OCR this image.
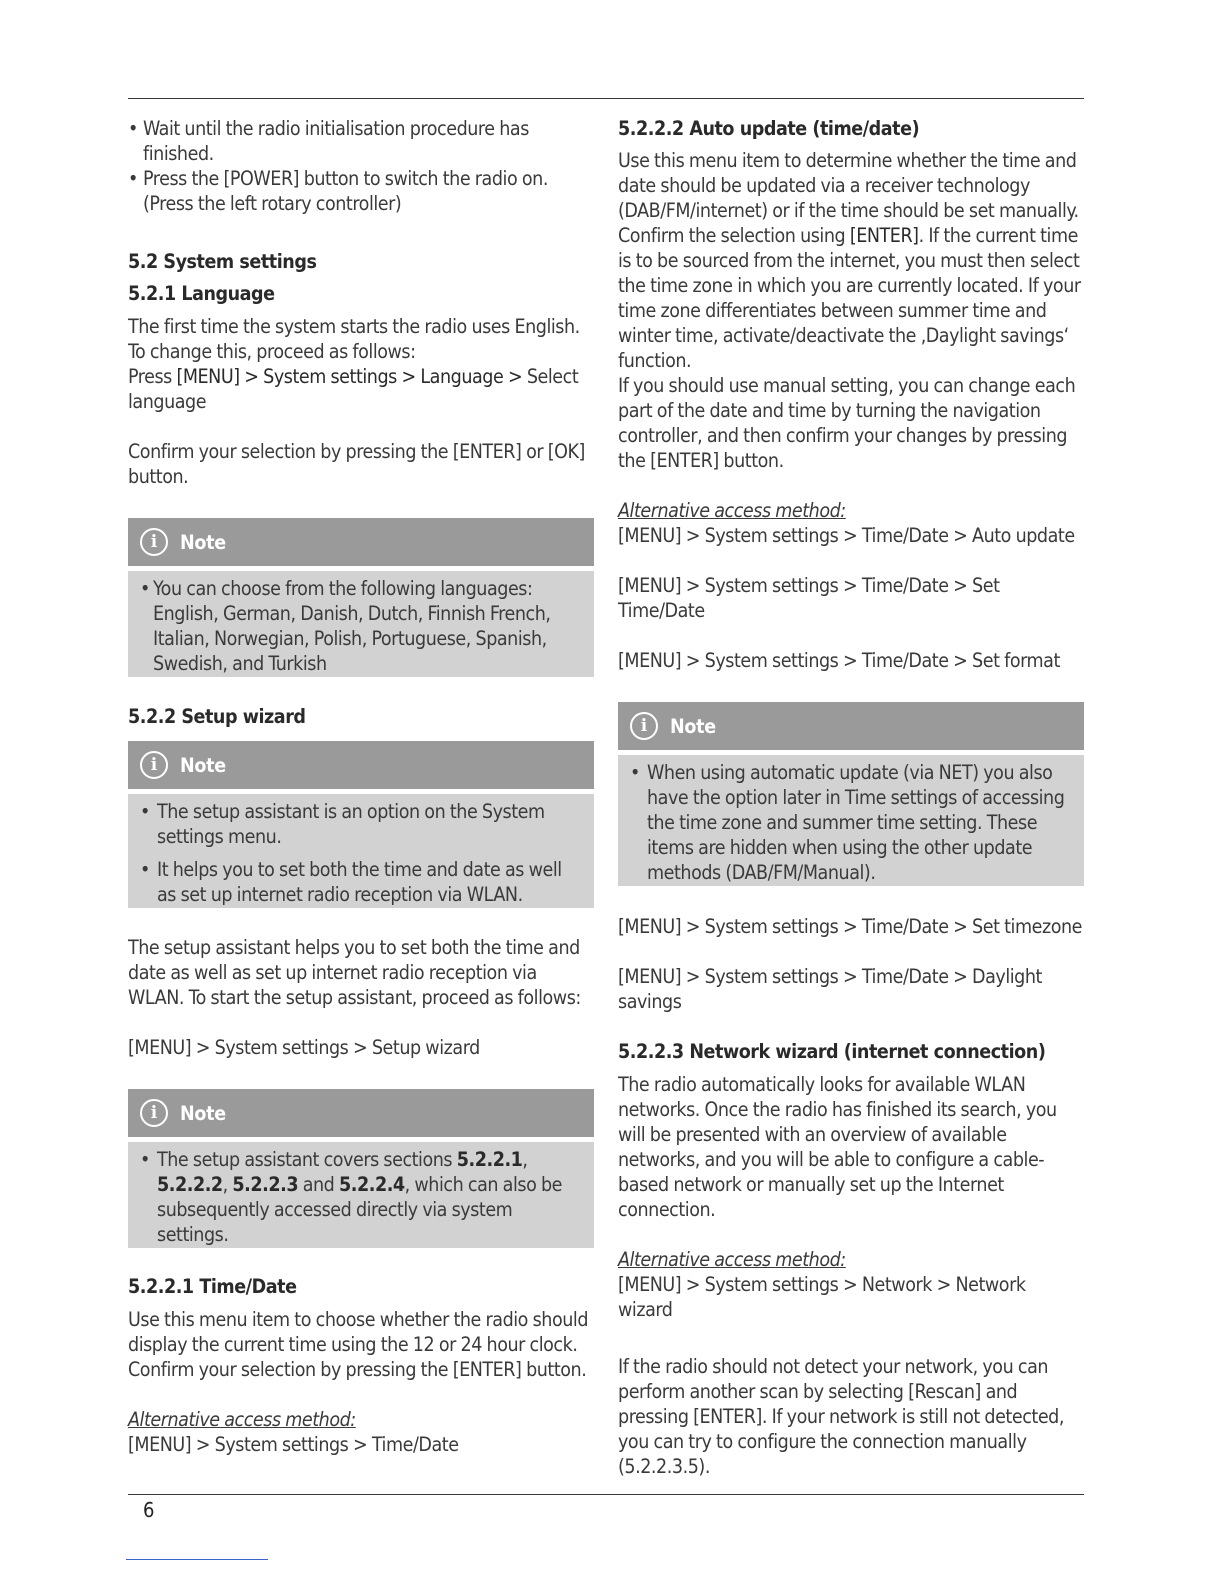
• Wait until the radio initialisation procedure has finished.

• Press the [POWER] button to switch the radio on. (Press the left rotary controller)

5.2 System settings

5.2.1 Language

The first time the system starts the radio uses English. To change this, proceed as follows:

Press [MENU] > System settings > Language > Select language

Confirm your selection by pressing the [ENTER] or [OK] button.

i	Note
• You can choose from the following languages: English, German, Danish, Dutch, Finnish French, Italian, Norwegian, Polish, Portuguese, Spanish, Swedish, and Turkish

5.2.2 Setup wizard

i	Note
• The setup assistant is an option on the System settings menu.
• It helps you to set both the time and date as well as set up internet radio reception via WLAN.

The setup assistant helps you to set both the time and date as well as set up internet radio reception via WLAN. To start the setup assistant, proceed as follows:

[MENU] > System settings > Setup wizard

i	Note
• The setup assistant covers sections 5.2.2.1, 5.2.2.2, 5.2.2.3 and 5.2.2.4, which can also be subsequently accessed directly via system settings.

5.2.2.1 Time/Date

Use this menu item to choose whether the radio should display the current time using the 12 or 24 hour clock. Confirm your selection by pressing the [ENTER] button.

Alternative access method:

[MENU] > System settings > Time/Date

5.2.2.2 Auto update (time/date)

Use this menu item to determine whether the time and date should be updated via a receiver technology (DAB/FM/internet) or if the time should be set manually. Confirm the selection using [ENTER]. If the current time is to be sourced from the internet, you must then select the time zone in which you are currently located. If your time zone differentiates between summer time and winter time, activate/deactivate the ‚Daylight savings‘ function.

If you should use manual setting, you can change each part of the date and time by turning the navigation controller, and then confirm your changes by pressing the [ENTER] button.

Alternative access method:

[MENU] > System settings > Time/Date > Auto update

[MENU] > System settings > Time/Date > Set Time/Date

[MENU] > System settings > Time/Date > Set format

i	Note
• When using automatic update (via NET) you also have the option later in Time settings of accessing the time zone and summer time setting. These items are hidden when using the other update methods (DAB/FM/Manual).

[MENU] > System settings > Time/Date > Set timezone

[MENU] > System settings > Time/Date > Daylight savings

5.2.2.3 Network wizard (internet connection)

The radio automatically looks for available WLAN networks. Once the radio has finished its search, you will be presented with an overview of available networks, and you will be able to configure a cable-based network or manually set up the Internet connection.

Alternative access method:

[MENU] > System settings > Network > Network wizard

If the radio should not detect your network, you can perform another scan by selecting [Rescan] and pressing [ENTER]. If your network is still not detected, you can try to configure the connection manually (5.2.2.3.5).

6
